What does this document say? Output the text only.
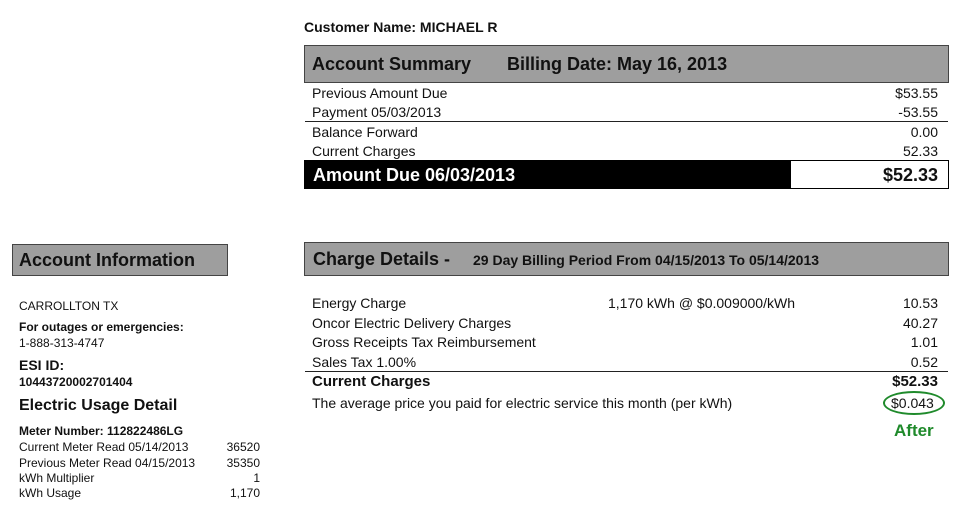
Customer Name: MICHAEL R
Account Summary Billing Date: May 16, 2013
Previous Amount Due	$53.55
Payment 05/03/2013	-53.55
Balance Forward	0.00
Current Charges	52.33
Amount Due 06/03/2013	$52.33
Account Information
CARROLLTON TX
For outages or emergencies:
1-888-313-4747
ESI ID:
10443720002701404
Electric Usage Detail
Meter Number: 112822486LG
Current Meter Read 05/14/2013	36520
Previous Meter Read 04/15/2013	35350
kWh Multiplier	1
kWh Usage	1,170
Charge Details - 29 Day Billing Period From 04/15/2013 To 05/14/2013
Energy Charge	1,170 kWh @ $0.009000/kWh	10.53
Oncor Electric Delivery Charges	40.27
Gross Receipts Tax Reimbursement	1.01
Sales Tax 1.00%	0.52
Current Charges	$52.33
The average price you paid for electric service this month (per kWh)	$0.043
After
